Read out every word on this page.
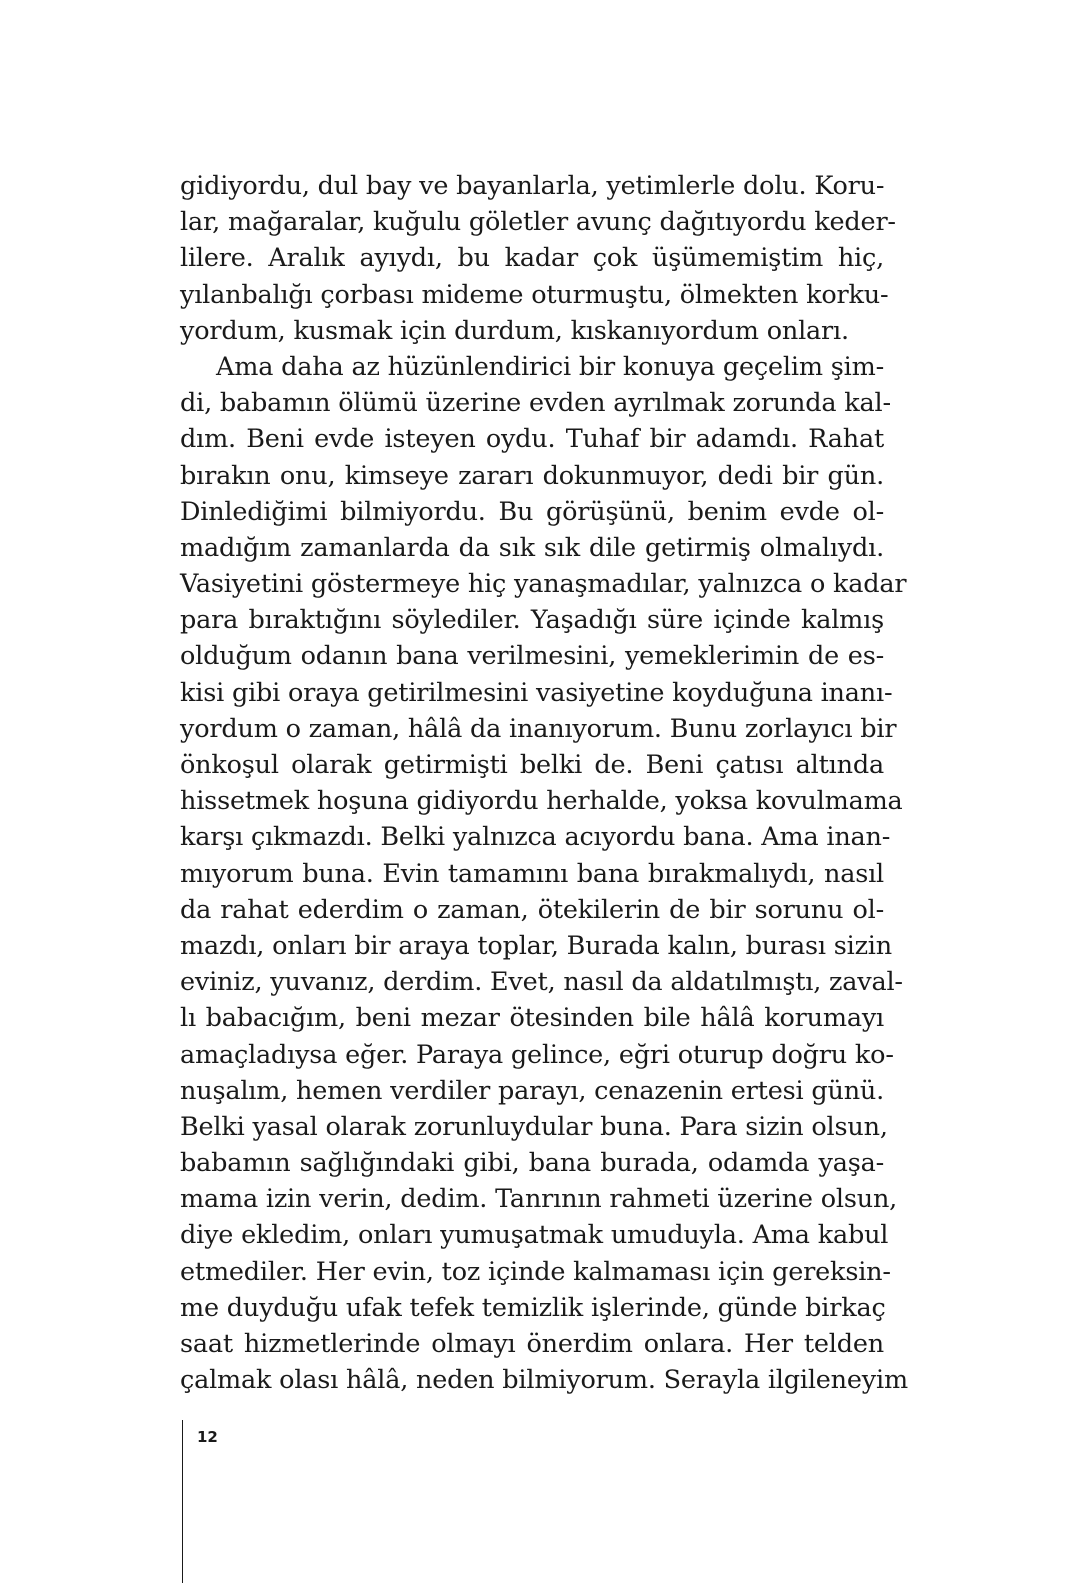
gidiyordu, dul bay ve bayanlarla, yetimlerle dolu. Koru-
lar, mağaralar, kuğulu göletler avunç dağıtıyordu keder-
lilere. Aralık ayıydı, bu kadar çok üşümemiştim hiç,
yılanbalığı çorbası mideme oturmuştu, ölmekten korku-
yordum, kusmak için durdum, kıskanıyordum onları.
Ama daha az hüzünlendirici bir konuya geçelim şim-
di, babamın ölümü üzerine evden ayrılmak zorunda kal-
dım. Beni evde isteyen oydu. Tuhaf bir adamdı. Rahat
bırakın onu, kimseye zararı dokunmuyor, dedi bir gün.
Dinlediğimi bilmiyordu. Bu görüşünü, benim evde ol-
madığım zamanlarda da sık sık dile getirmiş olmalıydı.
Vasiyetini göstermeye hiç yanaşmadılar, yalnızca o kadar
para bıraktığını söylediler. Yaşadığı süre içinde kalmış
olduğum odanın bana verilmesini, yemeklerimin de es-
kisi gibi oraya getirilmesini vasiyetine koyduğuna inanı-
yordum o zaman, hâlâ da inanıyorum. Bunu zorlayıcı bir
önkoşul olarak getirmişti belki de. Beni çatısı altında
hissetmek hoşuna gidiyordu herhalde, yoksa kovulmama
karşı çıkmazdı. Belki yalnızca acıyordu bana. Ama inan-
mıyorum buna. Evin tamamını bana bırakmalıydı, nasıl
da rahat ederdim o zaman, ötekilerin de bir sorunu ol-
mazdı, onları bir araya toplar, Burada kalın, burası sizin
eviniz, yuvanız, derdim. Evet, nasıl da aldatılmıştı, zaval-
lı babacığım, beni mezar ötesinden bile hâlâ korumayı
amaçladıysa eğer. Paraya gelince, eğri oturup doğru ko-
nuşalım, hemen verdiler parayı, cenazenin ertesi günü.
Belki yasal olarak zorunluydular buna. Para sizin olsun,
babamın sağlığındaki gibi, bana burada, odamda yaşa-
mama izin verin, dedim. Tanrının rahmeti üzerine olsun,
diye ekledim, onları yumuşatmak umuduyla. Ama kabul
etmediler. Her evin, toz içinde kalmaması için gereksin-
me duyduğu ufak tefek temizlik işlerinde, günde birkaç
saat hizmetlerinde olmayı önerdim onlara. Her telden
çalmak olası hâlâ, neden bilmiyorum. Serayla ilgileneyim
12
